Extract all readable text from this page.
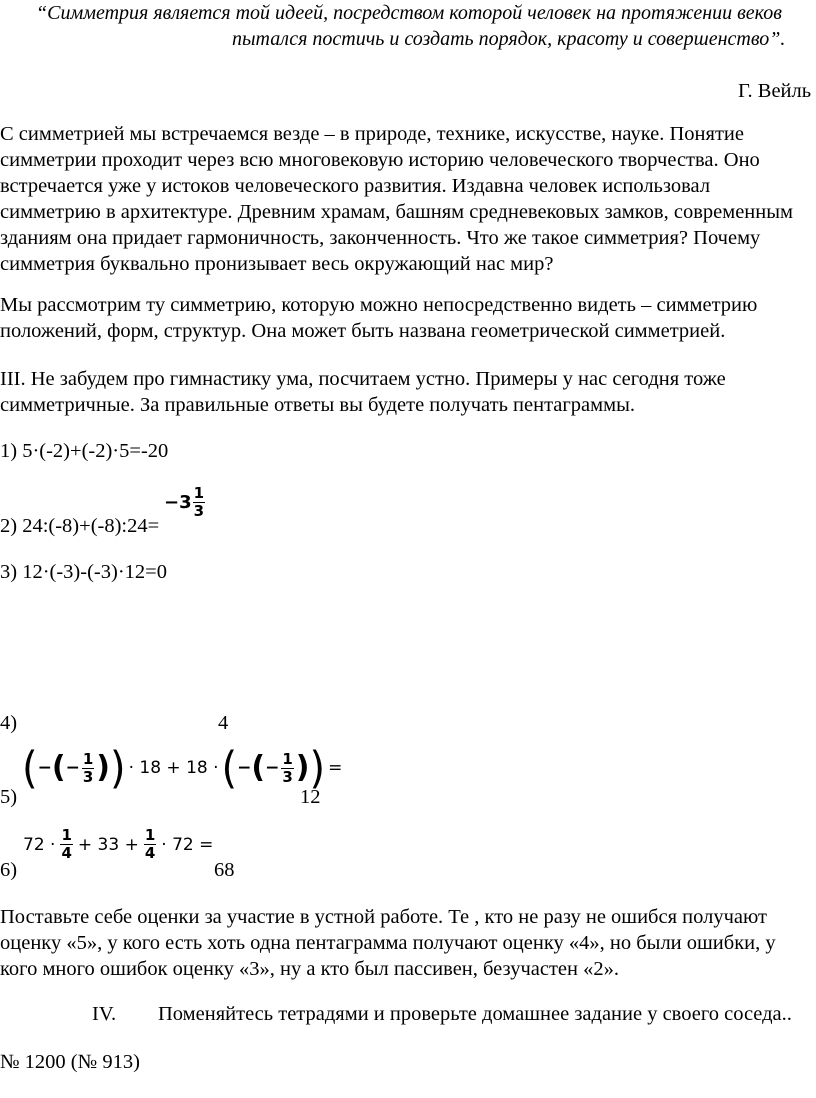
“Симметрия является той идеей, посредством которой человек на протяжении веков
пытался постичь и создать порядок, красоту и совершенство”.
Г. Вейль
С симметрией мы встречаемся везде – в природе, технике, искусстве, науке. Понятие
симметрии проходит через всю многовековую историю человеческого творчества. Оно
встречается уже у истоков человеческого развития. Издавна человек использовал
симметрию в архитектуре. Древним храмам, башням средневековых замков, современным
зданиям она придает гармоничность, законченность. Что же такое симметрия? Почему
симметрия буквально пронизывает весь окружающий нас мир?
Мы рассмотрим ту симметрию, которую можно непосредственно видеть – симметрию
положений, форм, структур. Она может быть названа геометрической симметрией.
III. Не забудем про гимнастику ума, посчитаем устно. Примеры у нас сегодня тоже
симметричные. За правильные ответы вы будете получать пентаграммы.
1) 5·(-2)+(-2)·5=-20
2) 24:(-8)+(-8):24=
$-3 \frac{1}{3}$
3) 12·(-3)-(-3)·12=0
4)	4
5)
( − ( − $\frac{1}{3}$ ) ) · 18 + 18 · ( − ( − $\frac{1}{3}$ ) ) =
12
6)
$72 \cdot \frac{1}{4} + 33 + \frac{1}{4} \cdot 72$ =
68
Поставьте себе оценки за участие в устной работе. Те , кто не разу не ошибся получают
оценку «5», у кого есть хоть одна пентаграмма получают оценку «4», но были ошибки, у
кого много ошибок оценку «3», ну а кто был пассивен, безучастен «2».
IV. Поменяйтесь тетрадями и проверьте домашнее задание у своего соседа..
№ 1200 (№ 913)
